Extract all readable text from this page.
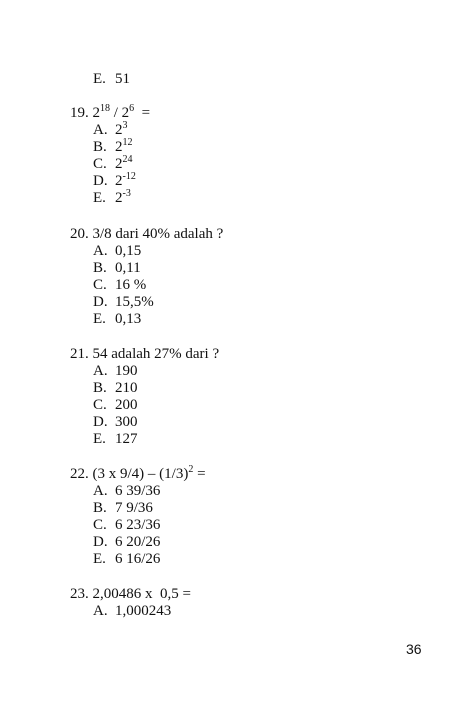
E. 51
19. $2^{18} / 2^6$  =
A. $2^3$
B. $2^{12}$
C. $2^{24}$
D. $2^{-12}$
E. $2^{-3}$
20. 3/8 dari 40% adalah ?
A. 0,15
B. 0,11
C. 16 %
D. 15,5%
E. 0,13
21. 54 adalah 27% dari ?
A. 190
B. 210
C. 200
D. 300
E. 127
22. (3 x $9/4) - (1/3)^2$ =
A. 6 39/36
B. 7 9/36
C. 6 23/36
D. 6 20/26
E. 6 16/26
23. 2,00486 x  0,5 =
A. 1,000243
36
